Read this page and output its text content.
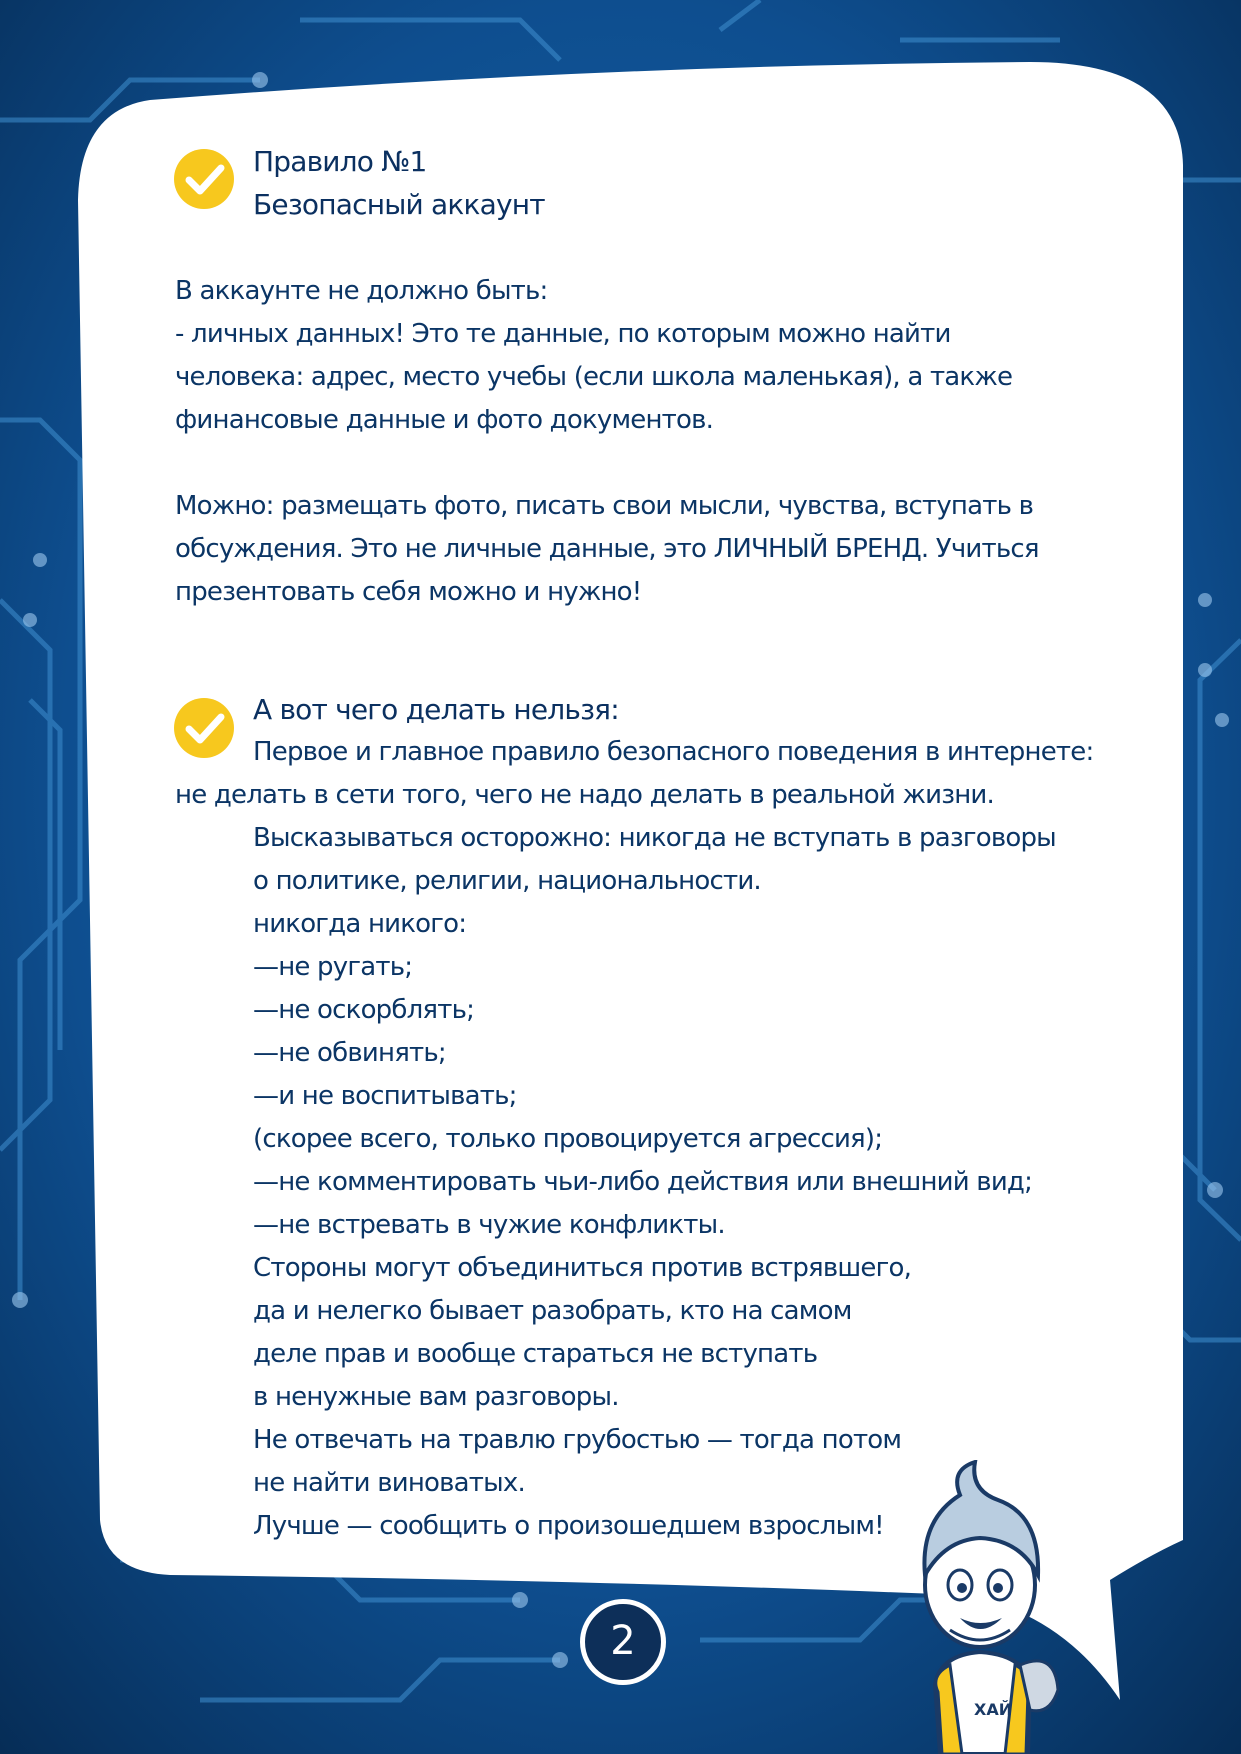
Правило №1
Безопасный аккаунт
В аккаунте не должно быть:
- личных данных! Это те данные, по которым можно найти
человека: адрес, место учебы (если школа маленькая), а также
финансовые данные и фото документов.
Можно: размещать фото, писать свои мысли, чувства, вступать в
обсуждения. Это не личные данные, это ЛИЧНЫЙ БРЕНД. Учиться
презентовать себя можно и нужно!
А вот чего делать нельзя:
Первое и главное правило безопасного поведения в интернете:
не делать в сети того, чего не надо делать в реальной жизни.
Высказываться осторожно: никогда не вступать в разговоры
о политике, религии, национальности.
никогда никого:
—не ругать;
—не оскорблять;
—не обвинять;
—и не воспитывать;
(скорее всего, только провоцируется агрессия);
—не комментировать чьи-либо действия или внешний вид;
—не встревать в чужие конфликты.
Стороны могут объединиться против встрявшего,
да и нелегко бывает разобрать, кто на самом
деле прав и вообще стараться не вступать
в ненужные вам разговоры.
Не отвечать на травлю грубостью — тогда потом
не найти виноватых.
Лучше — сообщить о произошедшем взрослым!
2
ХАЙ
